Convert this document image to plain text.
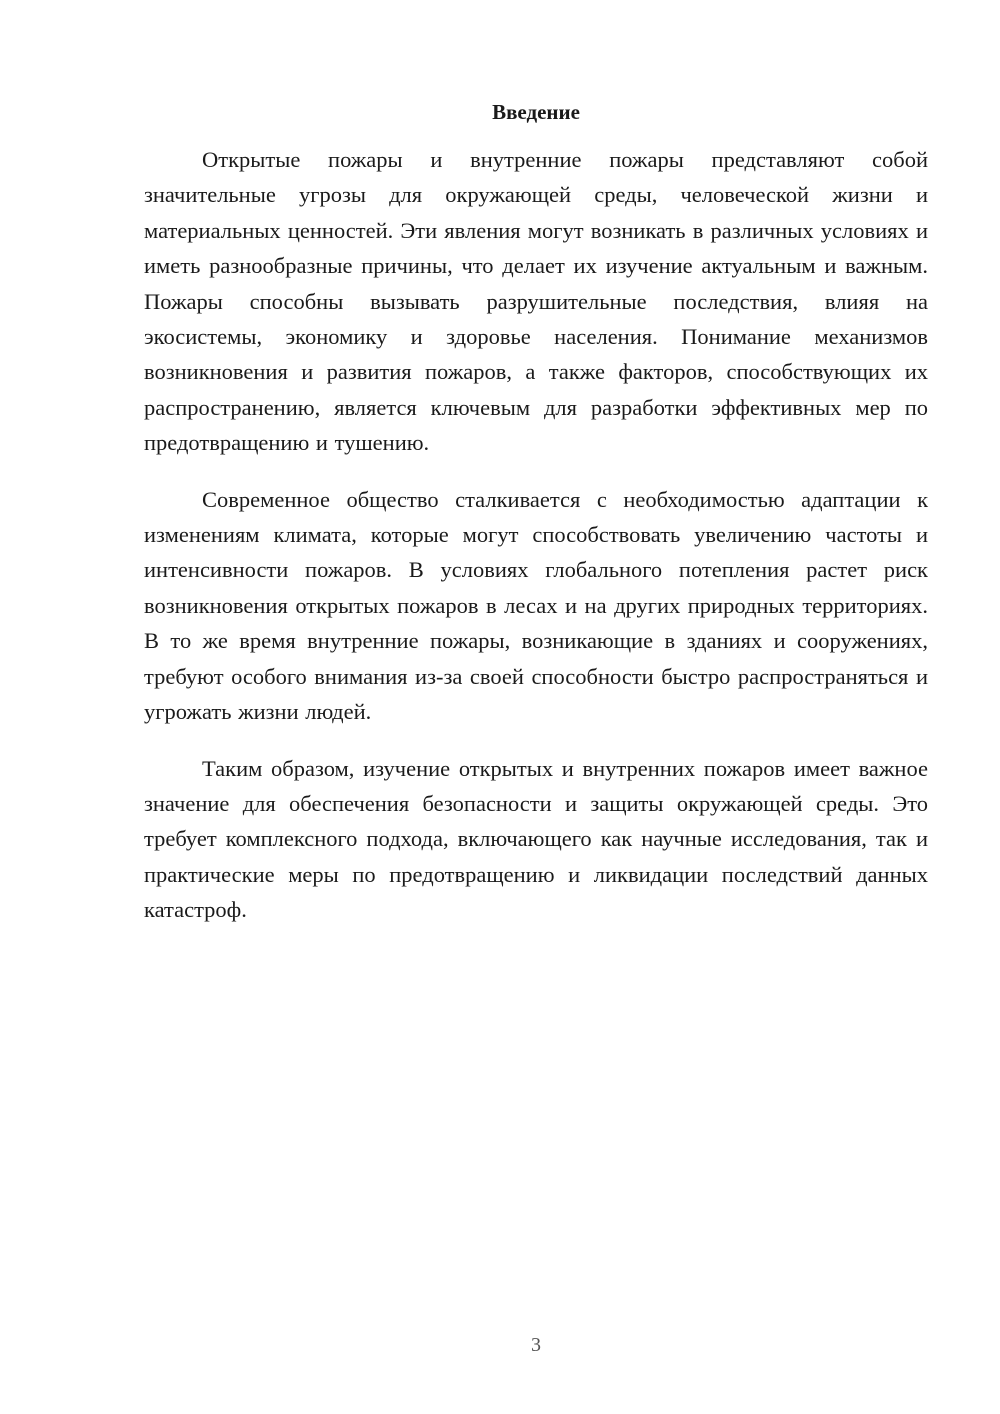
Введение

Открытые пожары и внутренние пожары представляют собой значительные угрозы для окружающей среды, человеческой жизни и материальных ценностей. Эти явления могут возникать в различных условиях и иметь разнообразные причины, что делает их изучение актуальным и важным. Пожары способны вызывать разрушительные последствия, влияя на экосистемы, экономику и здоровье населения. Понимание механизмов возникновения и развития пожаров, а также факторов, способствующих их распространению, является ключевым для разработки эффективных мер по предотвращению и тушению.

Современное общество сталкивается с необходимостью адаптации к изменениям климата, которые могут способствовать увеличению частоты и интенсивности пожаров. В условиях глобального потепления растет риск возникновения открытых пожаров в лесах и на других природных территориях. В то же время внутренние пожары, возникающие в зданиях и сооружениях, требуют особого внимания из-за своей способности быстро распространяться и угрожать жизни людей.

Таким образом, изучение открытых и внутренних пожаров имеет важное значение для обеспечения безопасности и защиты окружающей среды. Это требует комплексного подхода, включающего как научные исследования, так и практические меры по предотвращению и ликвидации последствий данных катастроф.

3
